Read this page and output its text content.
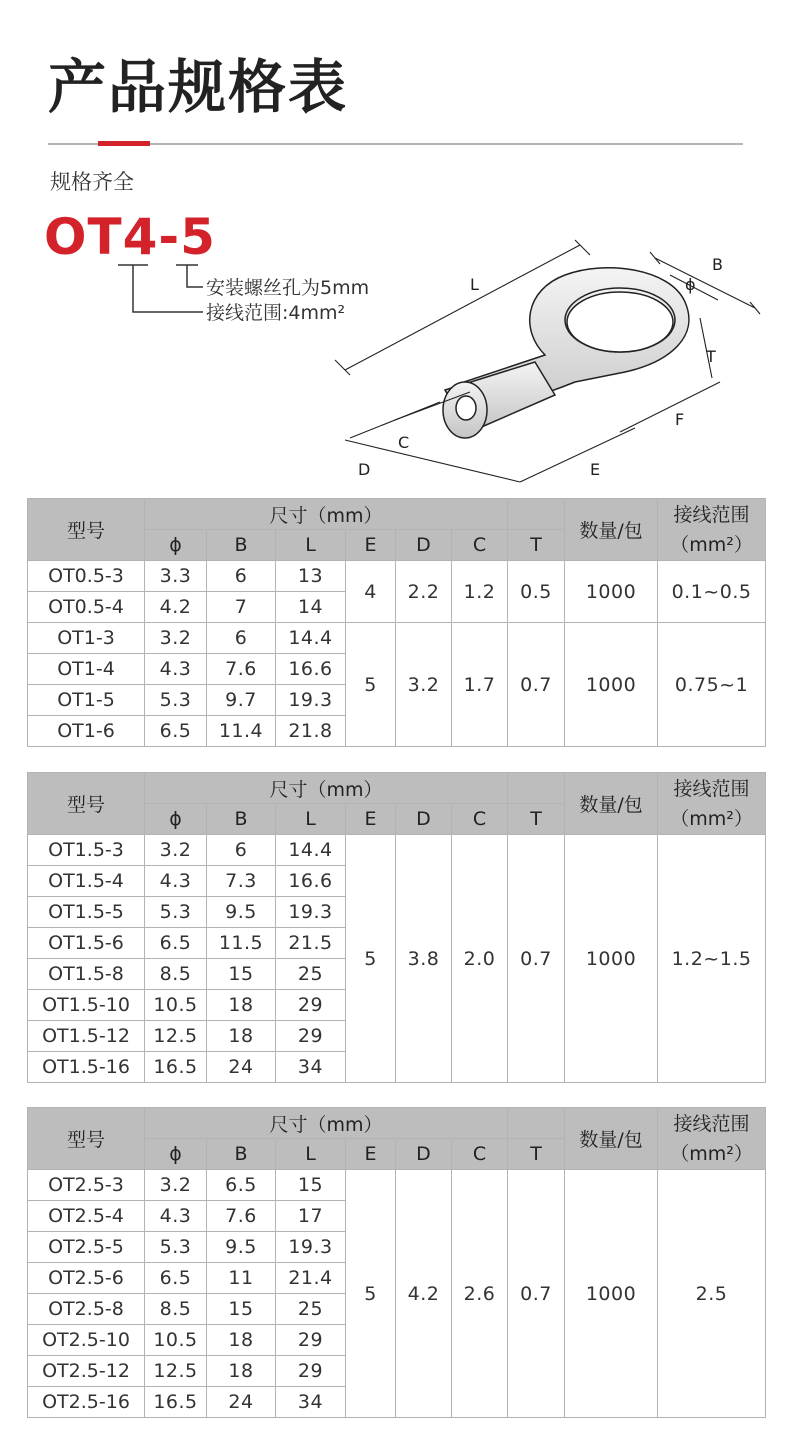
产品规格表
规格齐全
OT4-5
安装螺丝孔为5mm
接线范围:4mm²
L
B
ϕ
T
F
C
D	E
型号	尺寸（mm）							数量/包	接线范围
（mm²）

	ϕ	B	L	E	D	C	T		
OT0.5-3	3.3	6	13	4	2.2	1.2	0.5	1000	0.1~0.5
OT0.5-4	4.2	7	14						
OT1-3	3.2	6	14.4	5	3.2	1.7	0.7	1000	0.75~1
OT1-4	4.3	7.6	16.6						
OT1-5	5.3	9.7	19.3						
OT1-6	6.5	11.4	21.8						
型号	尺寸（mm）							数量/包	接线范围
（mm²）

	ϕ	B	L	E	D	C	T		
OT1.5-3	3.2	6	14.4	5	3.8	2.0	0.7	1000	1.2~1.5
OT1.5-4	4.3	7.3	16.6						
OT1.5-5	5.3	9.5	19.3						
OT1.5-6	6.5	11.5	21.5						
OT1.5-8	8.5	15	25						
OT1.5-10	10.5	18	29						
OT1.5-12	12.5	18	29						
OT1.5-16	16.5	24	34						
型号	尺寸（mm）							数量/包	接线范围
（mm²）

	ϕ	B	L	E	D	C	T		
OT2.5-3	3.2	6.5	15	5	4.2	2.6	0.7	1000	2.5
OT2.5-4	4.3	7.6	17						
OT2.5-5	5.3	9.5	19.3						
OT2.5-6	6.5	11	21.4						
OT2.5-8	8.5	15	25						
OT2.5-10	10.5	18	29						
OT2.5-12	12.5	18	29						
OT2.5-16	16.5	24	34						
